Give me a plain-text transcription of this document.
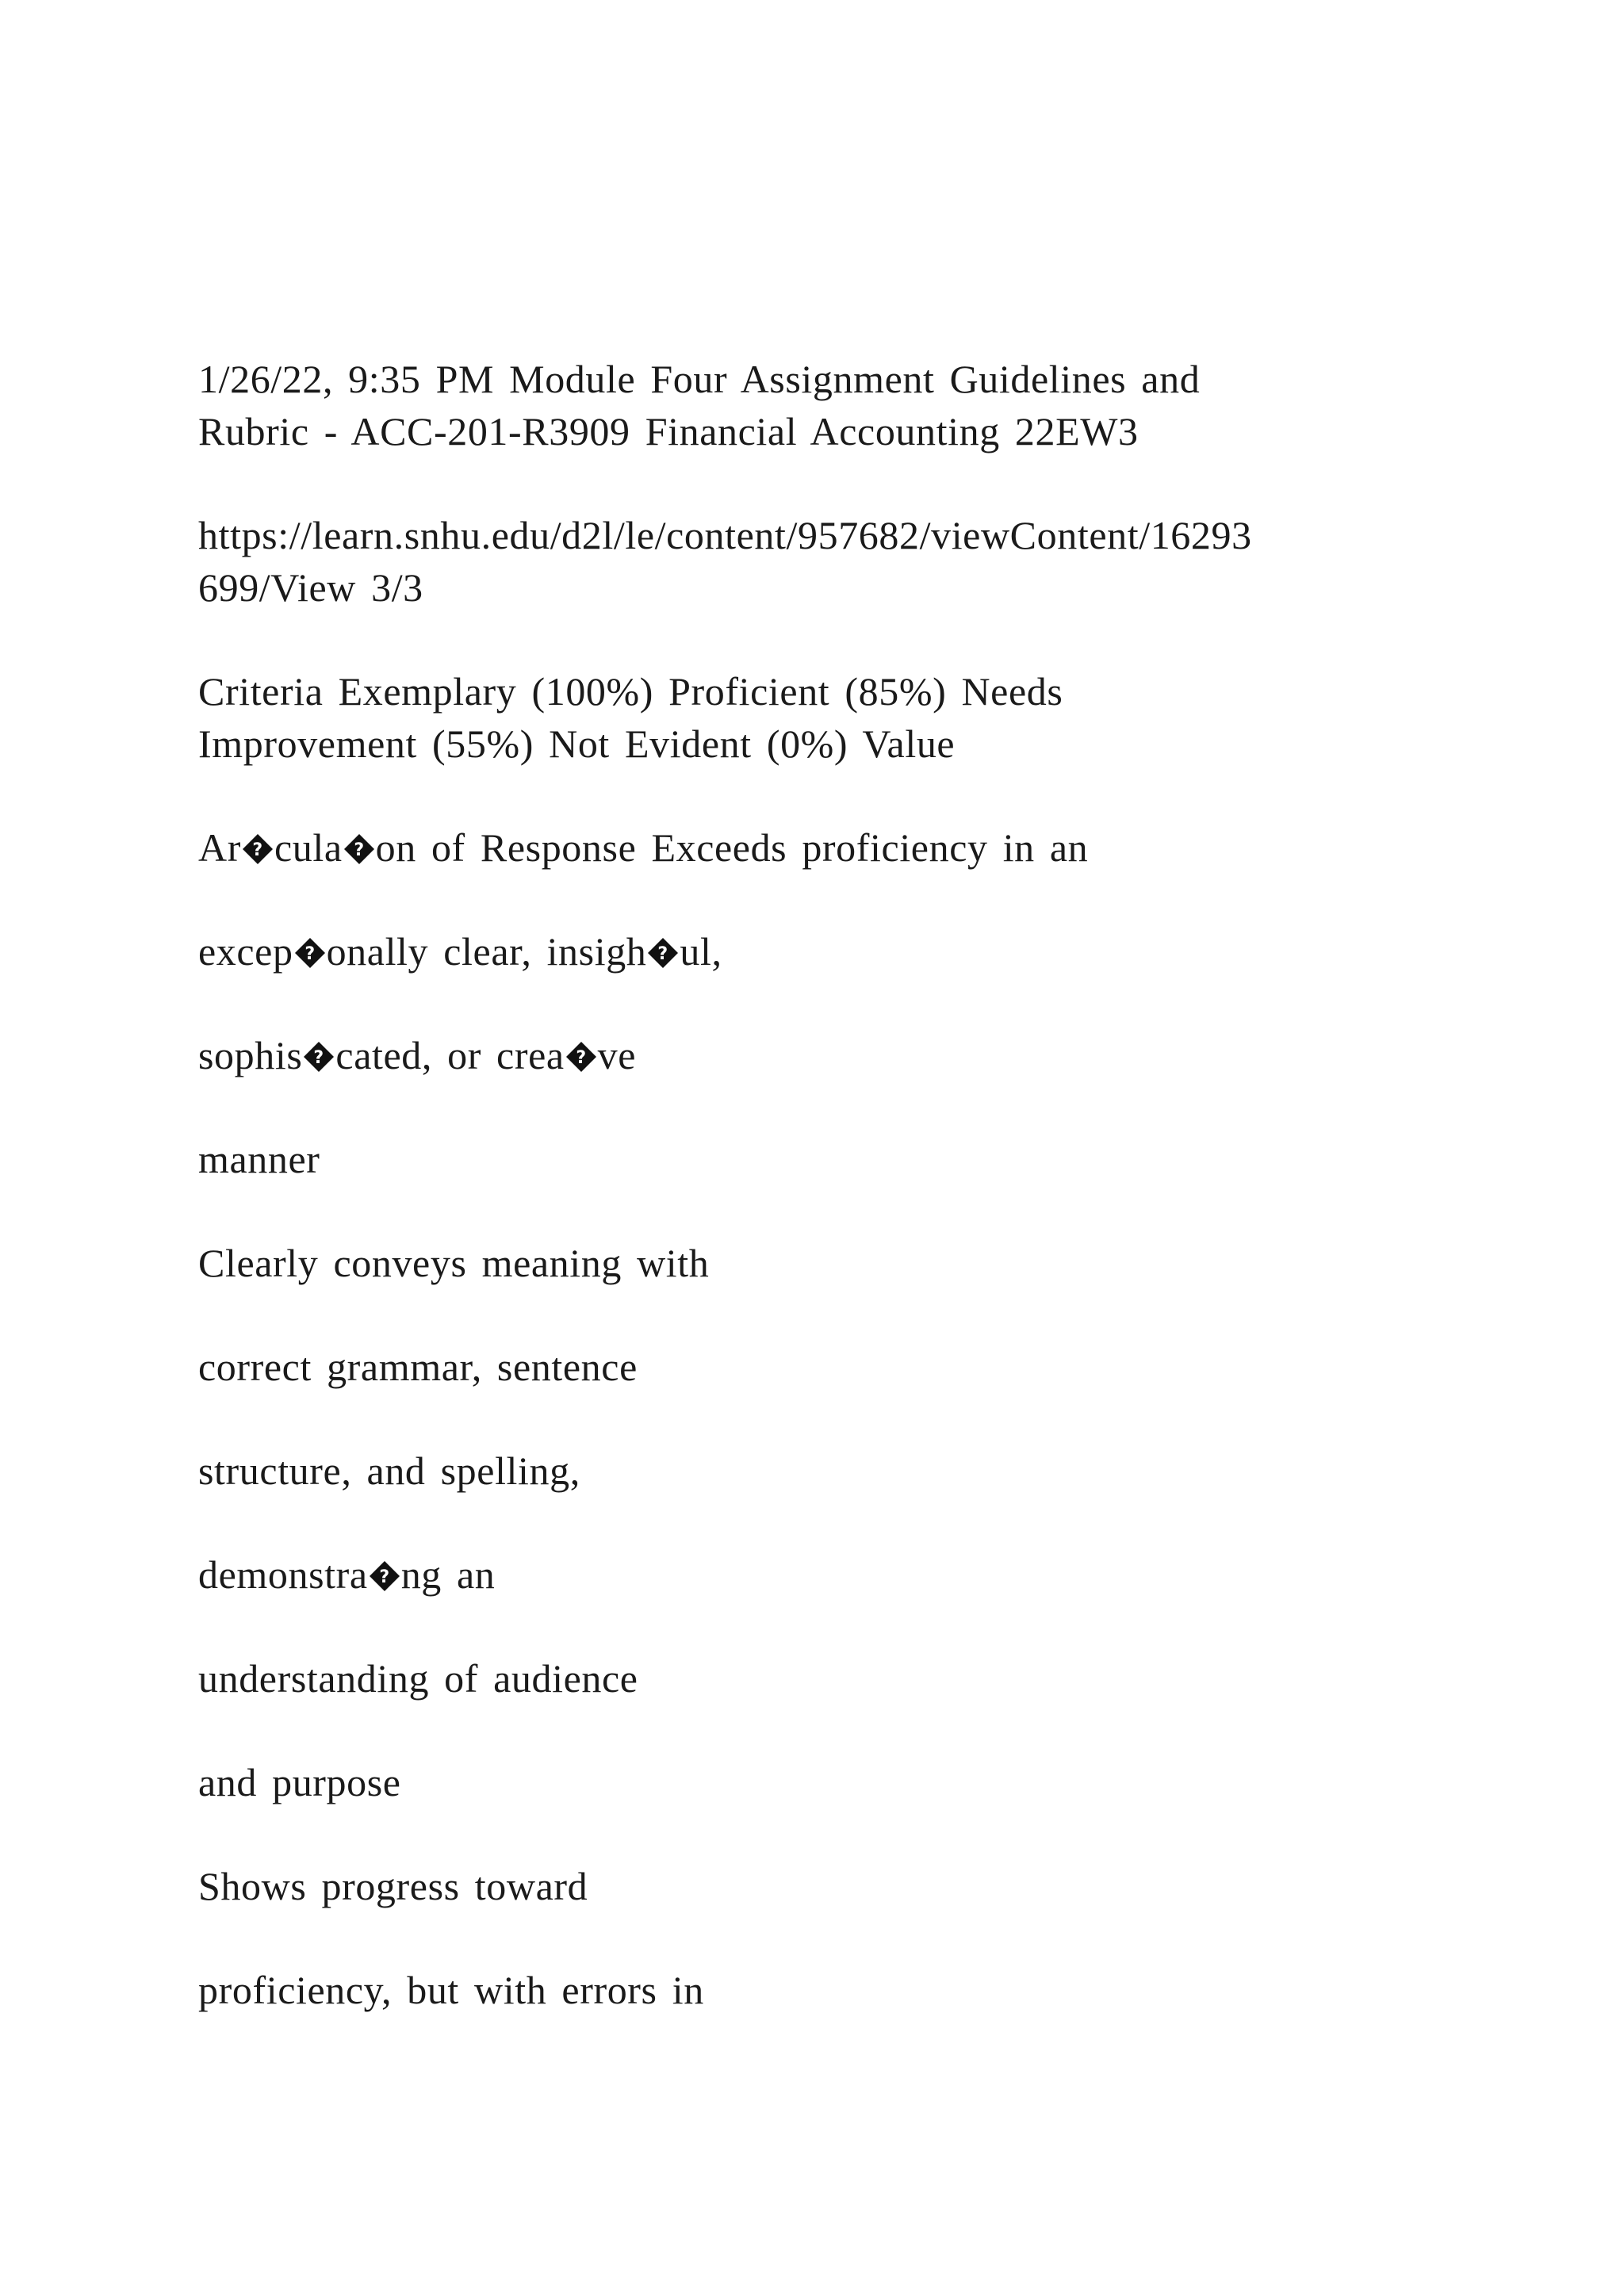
1/26/22, 9:35 PM Module Four Assignment Guidelines and

Rubric - ACC-201-R3909 Financial Accounting 22EW3

https://learn.snhu.edu/d2l/le/content/957682/viewContent/16293

699/View 3/3

Criteria Exemplary (100%) Proficient (85%) Needs

Improvement (55%) Not Evident (0%) Value

Ar ? cula ? on of Response Exceeds proficiency in an

excep ? onally clear, insigh ? ul,

sophis ? cated, or crea ? ve

manner

Clearly conveys meaning with

correct grammar, sentence

structure, and spelling,

demonstra ? ng an

understanding of audience

and purpose

Shows progress toward

proficiency, but with errors in
